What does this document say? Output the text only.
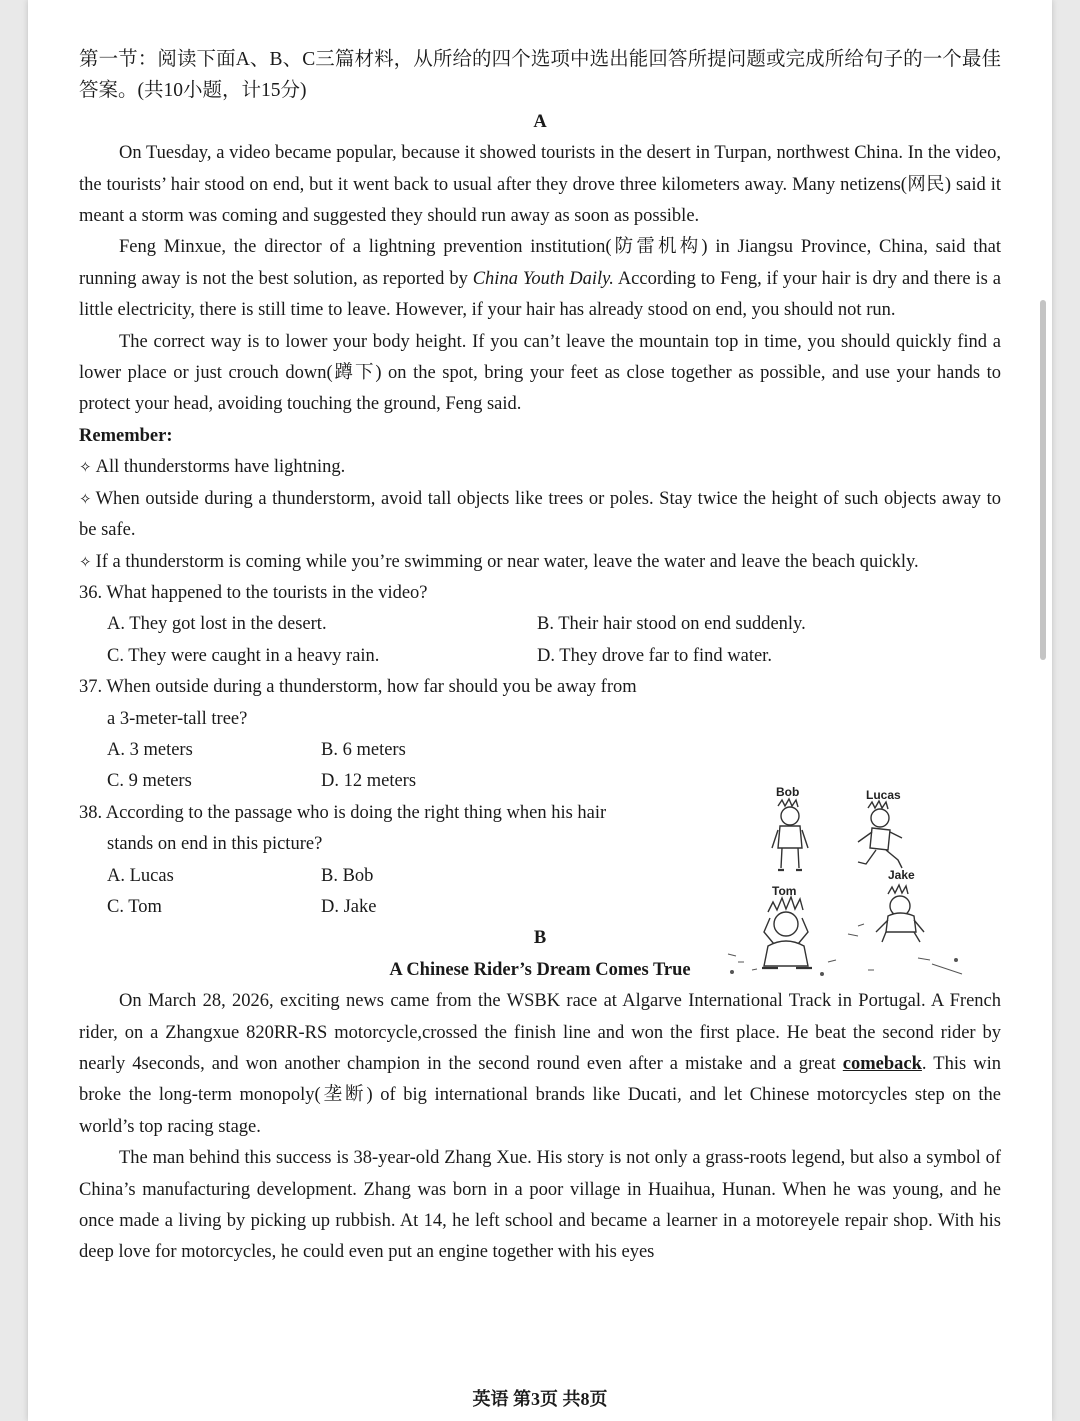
第一节：阅读下面A、B、C三篇材料，从所给的四个选项中选出能回答所提问题或完成所给句子的一个最佳答案。(共10小题，计15分)

A

On Tuesday, a video became popular, because it showed tourists in the desert in Turpan, northwest China. In the video, the tourists’ hair stood on end, but it went back to usual after they drove three kilometers away. Many netizens(网民) said it meant a storm was coming and suggested they should run away as soon as possible.

Feng Minxue, the director of a lightning prevention institution(防雷机构) in Jiangsu Province, China, said that running away is not the best solution, as reported by China Youth Daily. According to Feng, if your hair is dry and there is a little electricity, there is still time to leave. However, if your hair has already stood on end, you should not run.

The correct way is to lower your body height. If you can’t leave the mountain top in time, you should quickly find a lower place or just crouch down(蹲下) on the spot, bring your feet as close together as possible, and use your hands to protect your head, avoiding touching the ground, Feng said.

Remember:

✧ All thunderstorms have lightning.

✧ When outside during a thunderstorm, avoid tall objects like trees or poles. Stay twice the height of such objects away to be safe.

✧ If a thunderstorm is coming while you’re swimming or near water, leave the water and leave the beach quickly.

36. What happened to the tourists in the video?

A. They got lost in the desert.	B. Their hair stood on end suddenly.
C. They were caught in a heavy rain.	D. They drove far to find water.

37. When outside during a thunderstorm, how far should you be away from

a 3-meter-tall tree?

A. 3 meters	B. 6 meters
C. 9 meters	D. 12 meters

38. According to the passage who is doing the right thing when his hair

stands on end in this picture?

A. Lucas	B. Bob
C. Tom	D. Jake

B

A Chinese Rider’s Dream Comes True

On March 28, 2026, exciting news came from the WSBK race at Algarve International Track in Portugal. A French rider, on a Zhangxue 820RR-RS motorcycle,crossed the finish line and won the first place. He beat the second rider by nearly 4seconds, and won another champion in the second round even after a mistake and a great comeback. This win broke the long-term monopoly(垄断) of big international brands like Ducati, and let Chinese motorcycles step on the world’s top racing stage.

The man behind this success is 38-year-old Zhang Xue. His story is not only a grass-roots legend, but also a symbol of China’s manufacturing development. Zhang was born in a poor village in Huaihua, Hunan. When he was young, and he once made a living by picking up rubbish. At 14, he left school and became a learner in a motoreyele repair shop. With his deep love for motorcycles, he could even put an engine together with his eyes

Bob	Lucas
Tom
Jake
英语 第3页 共8页
